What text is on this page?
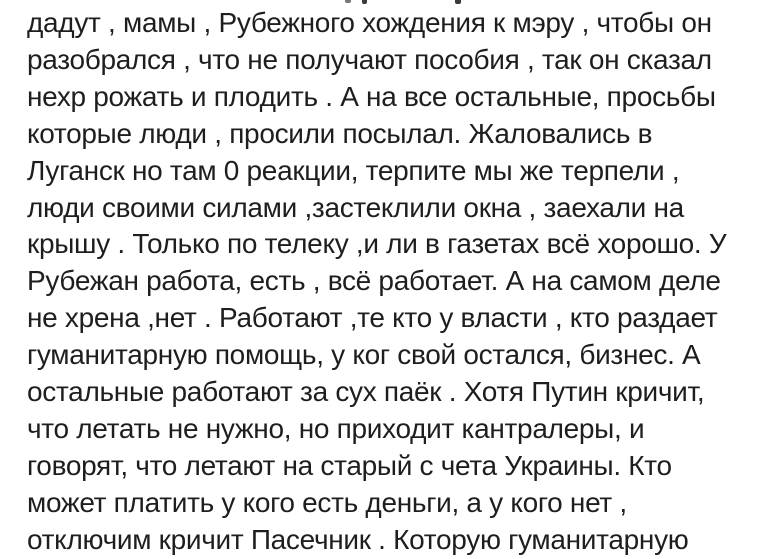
дадут , мамы , Рубежного хождения к мэру , чтобы он
разобрался , что не получают пособия , так он сказал
нехр рожать и плодить . А на все остальные, просьбы
которые люди , просили посылал. Жаловались в
Луганск но там 0 реакции, терпите мы же терпели ,
люди своими силами ,застеклили окна , заехали на
крышу . Только по телеку ,и ли в газетах всё хорошо. У
Рубежан работа, есть , всё работает. А на самом деле
не хрена ,нет . Работают ,те кто у власти , кто раздает
гуманитарную помощь, у ког свой остался, бизнес. А
остальные работают за сух паёк . Хотя Путин кричит,
что летать не нужно, но приходит кантралеры, и
говорят, что летают на старый с чета Украины. Кто
может платить у кого есть деньги, а у кого нет ,
отключим кричит Пасечник . Которую гуманитарную
